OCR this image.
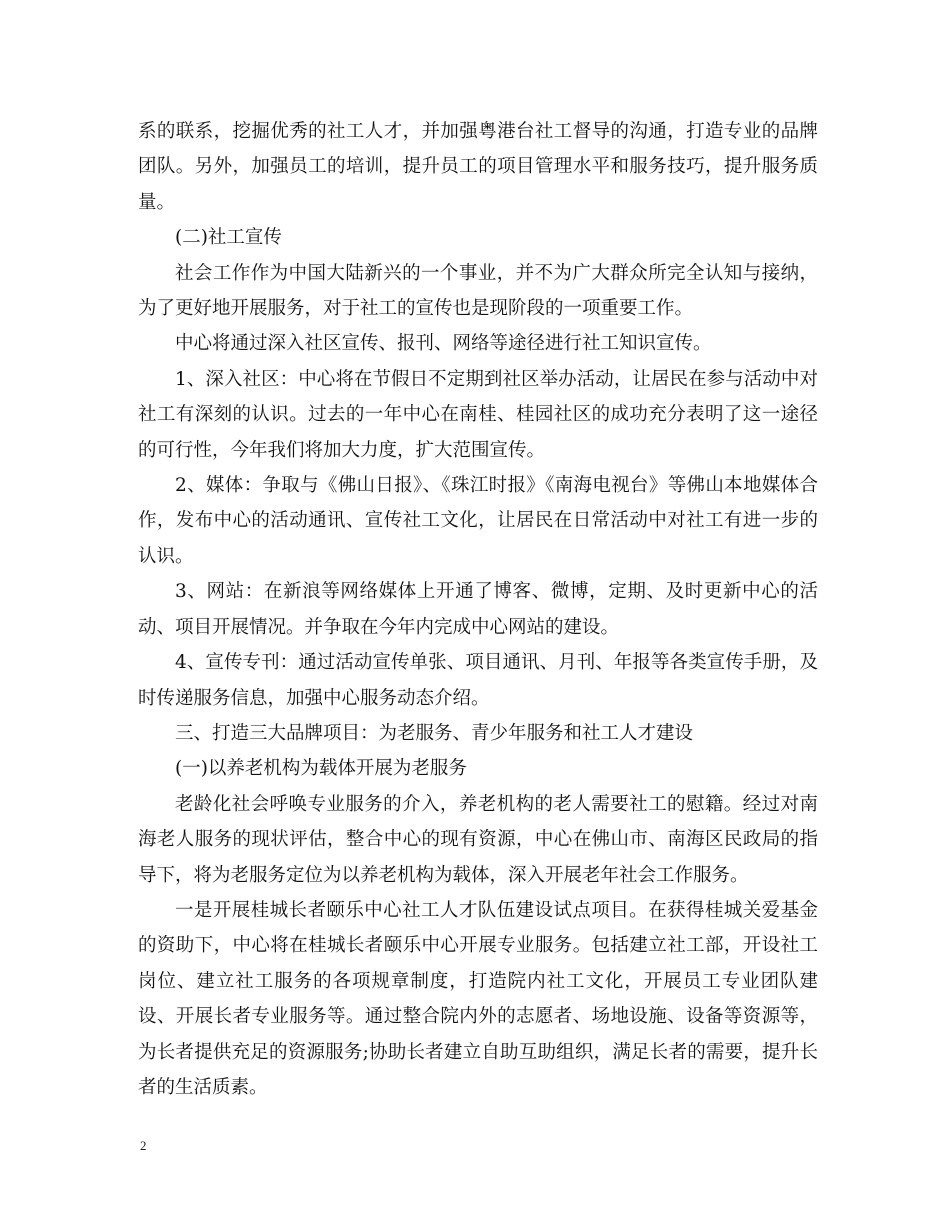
系的联系，挖掘优秀的社工人才，并加强粤港台社工督导的沟通，打造专业的品牌团队。另外，加强员工的培训，提升员工的项目管理水平和服务技巧，提升服务质量。

(二)社工宣传

社会工作作为中国大陆新兴的一个事业，并不为广大群众所完全认知与接纳，为了更好地开展服务，对于社工的宣传也是现阶段的一项重要工作。

中心将通过深入社区宣传、报刊、网络等途径进行社工知识宣传。

1、深入社区：中心将在节假日不定期到社区举办活动，让居民在参与活动中对社工有深刻的认识。过去的一年中心在南桂、桂园社区的成功充分表明了这一途径的可行性，今年我们将加大力度，扩大范围宣传。

2、媒体：争取与《佛山日报》、《珠江时报》《南海电视台》等佛山本地媒体合作，发布中心的活动通讯、宣传社工文化，让居民在日常活动中对社工有进一步的认识。

3、网站：在新浪等网络媒体上开通了博客、微博，定期、及时更新中心的活动、项目开展情况。并争取在今年内完成中心网站的建设。

4、宣传专刊：通过活动宣传单张、项目通讯、月刊、年报等各类宣传手册，及时传递服务信息，加强中心服务动态介绍。

三、打造三大品牌项目：为老服务、青少年服务和社工人才建设

(一)以养老机构为载体开展为老服务

老龄化社会呼唤专业服务的介入，养老机构的老人需要社工的慰籍。经过对南海老人服务的现状评估，整合中心的现有资源，中心在佛山市、南海区民政局的指导下，将为老服务定位为以养老机构为载体，深入开展老年社会工作服务。

一是开展桂城长者颐乐中心社工人才队伍建设试点项目。在获得桂城关爱基金的资助下，中心将在桂城长者颐乐中心开展专业服务。包括建立社工部，开设社工岗位、建立社工服务的各项规章制度，打造院内社工文化，开展员工专业团队建设、开展长者专业服务等。通过整合院内外的志愿者、场地设施、设备等资源等，为长者提供充足的资源服务;协助长者建立自助互助组织，满足长者的需要，提升长者的生活质素。

2
